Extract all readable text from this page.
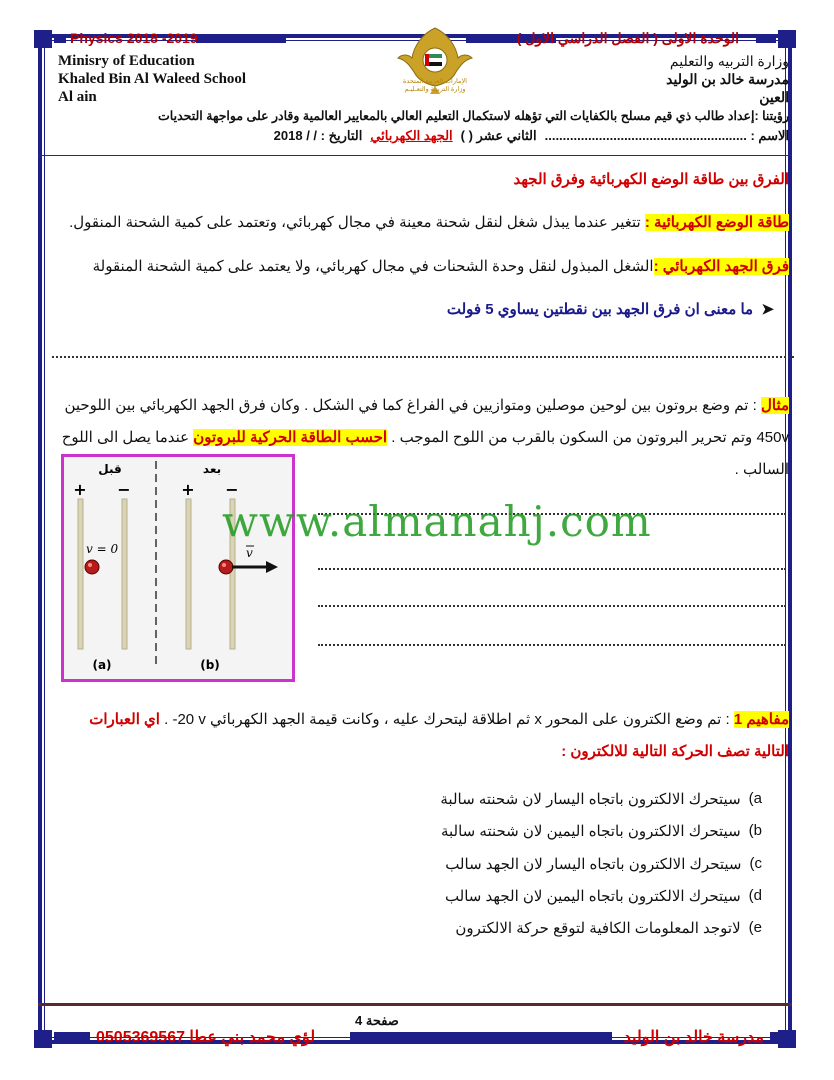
Physics 2018 -2019	الوحدة الاولى ( الفصل الدراسي الاول )
Minisry of Education
Khaled Bin Al Waleed School
Al ain
وزارة التربيه والتعليم
مدرسة خالد بن الوليد
العين
الإمارات العربية المتحدة
وزارة التربيـة والتعـليـم
رؤيتنا :إعداد طالب ذي قيم مسلح بالكفايات التي تؤهله لاستكمال التعليم العالي بالمعايير العالمية وقادر على مواجهة التحديات
الاسم : ........................................................
الثاني عشر ( )
الجهد الكهربائي
التاريخ : / / 2018
الفرق بين طاقة الوضع الكهربائية وفرق الجهد
طاقة الوضع الكهربائية : تتغير عندما يبذل شغل لنقل شحنة معينة في مجال كهربائي، وتعتمد على كمية الشحنة المنقول.
فرق الجهد الكهربائي :الشغل المبذول لنقل وحدة الشحنات في مجال كهربائي، ولا يعتمد على كمية الشحنة المنقولة
➤  ما معنى ان فرق الجهد بين نقطتين يساوي 5 فولت
مثال : تم وضع بروتون بين لوحين موصلين ومتوازيين في الفراغ كما في الشكل . وكان فرق الجهد الكهربائي بين اللوحين
450v وتم تحرير البروتون من السكون بالقرب من اللوح الموجب . احسب الطاقة الحركية للبروتون عندما يصل الى اللوح
السالب .
قبل	بعد
+ −	+ −
v = 0	v
(a)	(b)
www.almanahj.com
مفاهيم 1 : تم وضع الكترون على المحور x ثم اطلاقة ليتحرك عليه ، وكانت قيمة الجهد الكهربائي ‎-20 v . اي العبارات
التالية تصف الحركة التالية للالكترون :
a)
سيتحرك الالكترون باتجاه اليسار لان شحنته سالبة
b)
سيتحرك الالكترون باتجاه اليمين لان شحنته سالبة
c)
سيتحرك الالكترون باتجاه اليسار لان الجهد سالب
d)
سيتحرك الالكترون باتجاه اليمين لان الجهد سالب
e)
لاتوجد المعلومات الكافية لتوقع حركة الالكترون
صفحة 4
لؤي محمد بني عطا 0505369567	مدرسة خالد بن الوليد
